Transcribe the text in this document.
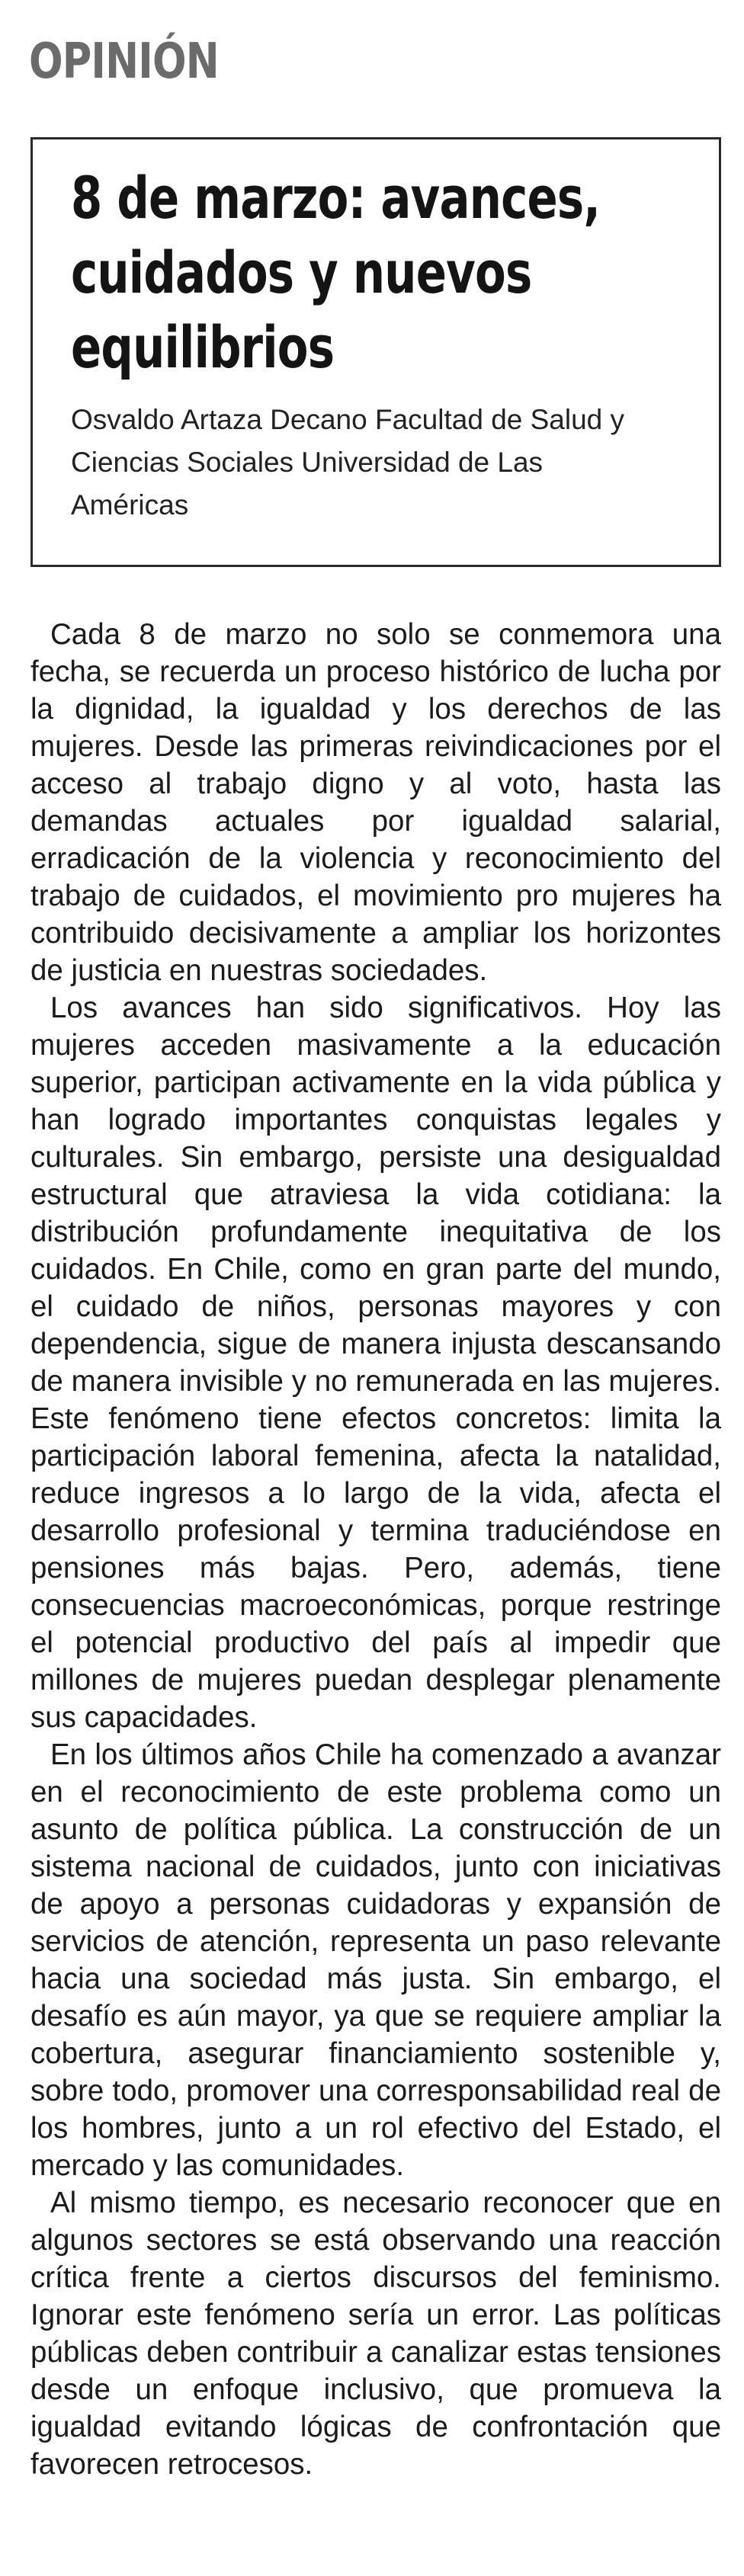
OPINIÓN
8 de marzo: avances, cuidados y nuevos equilibrios
Osvaldo Artaza Decano Facultad de Salud y Ciencias Sociales Universidad de Las Américas

Cada 8 de marzo no solo se conmemora una fecha, se recuerda un proceso histórico de lucha por la dignidad, la igualdad y los derechos de las mujeres. Desde las primeras reivindicaciones por el acceso al trabajo digno y al voto, hasta las demandas actuales por igualdad salarial, erradicación de la violencia y reconocimiento del trabajo de cuidados, el movimiento pro mujeres ha contribuido decisivamente a ampliar los horizontes de justicia en nuestras sociedades.

Los avances han sido significativos. Hoy las mujeres acceden masivamente a la educación superior, participan activamente en la vida pública y han logrado importantes conquistas legales y culturales. Sin embargo, persiste una desigualdad estructural que atraviesa la vida cotidiana: la distribución profundamente inequitativa de los cuidados. En Chile, como en gran parte del mundo, el cuidado de niños, personas mayores y con dependencia, sigue de manera injusta descansando de manera invisible y no remunerada en las mujeres. Este fenómeno tiene efectos concretos: limita la participación laboral femenina, afecta la natalidad, reduce ingresos a lo largo de la vida, afecta el desarrollo profesional y termina traduciéndose en pensiones más bajas. Pero, además, tiene consecuencias macroeconómicas, porque restringe el potencial productivo del país al impedir que millones de mujeres puedan desplegar plenamente sus capacidades.

En los últimos años Chile ha comenzado a avanzar en el reconocimiento de este problema como un asunto de política pública. La construcción de un sistema nacional de cuidados, junto con iniciativas de apoyo a personas cuidadoras y expansión de servicios de atención, representa un paso relevante hacia una sociedad más justa. Sin embargo, el desafío es aún mayor, ya que se requiere ampliar la cobertura, asegurar financiamiento sostenible y, sobre todo, promover una corresponsabilidad real de los hombres, junto a un rol efectivo del Estado, el mercado y las comunidades.

Al mismo tiempo, es necesario reconocer que en algunos sectores se está observando una reacción crítica frente a ciertos discursos del feminismo. Ignorar este fenómeno sería un error. Las políticas públicas deben contribuir a canalizar estas tensiones desde un enfoque inclusivo, que promueva la igualdad evitando lógicas de confrontación que favorecen retrocesos.
